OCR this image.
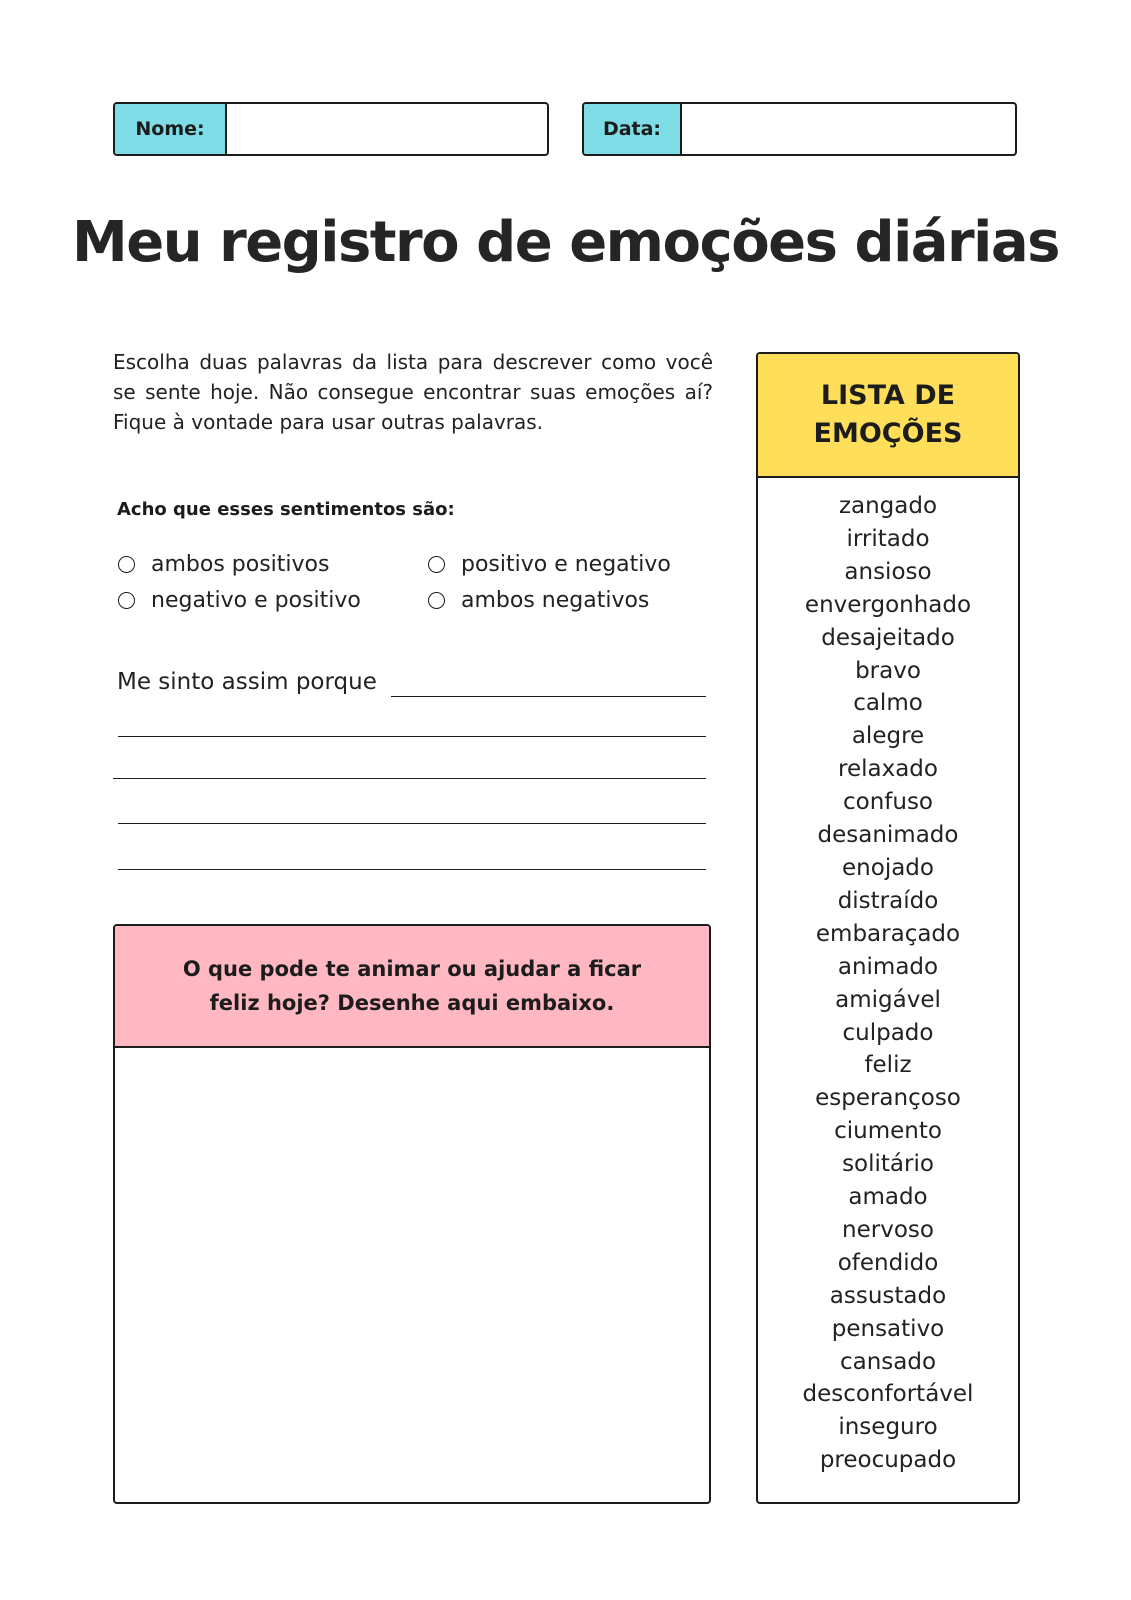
Nome:	Data:
Meu registro de emoções diárias

Escolha duas palavras da lista para descrever como você se sente hoje. Não consegue encontrar suas emoções aí? Fique à vontade para usar outras palavras.

Acho que esses sentimentos são:

ambos positivos	positivo e negativo
negativo e positivo	ambos negativos

Me sinto assim porque

O que pode te animar ou ajudar a ficar feliz hoje? Desenhe aqui embaixo.
LISTA DE EMOÇÕES
zangado
irritado
ansioso
envergonhado
desajeitado
bravo
calmo
alegre
relaxado
confuso
desanimado
enojado
distraído
embaraçado
animado
amigável
culpado
feliz
esperançoso
ciumento
solitário
amado
nervoso
ofendido
assustado
pensativo
cansado
desconfortável
inseguro
preocupado
